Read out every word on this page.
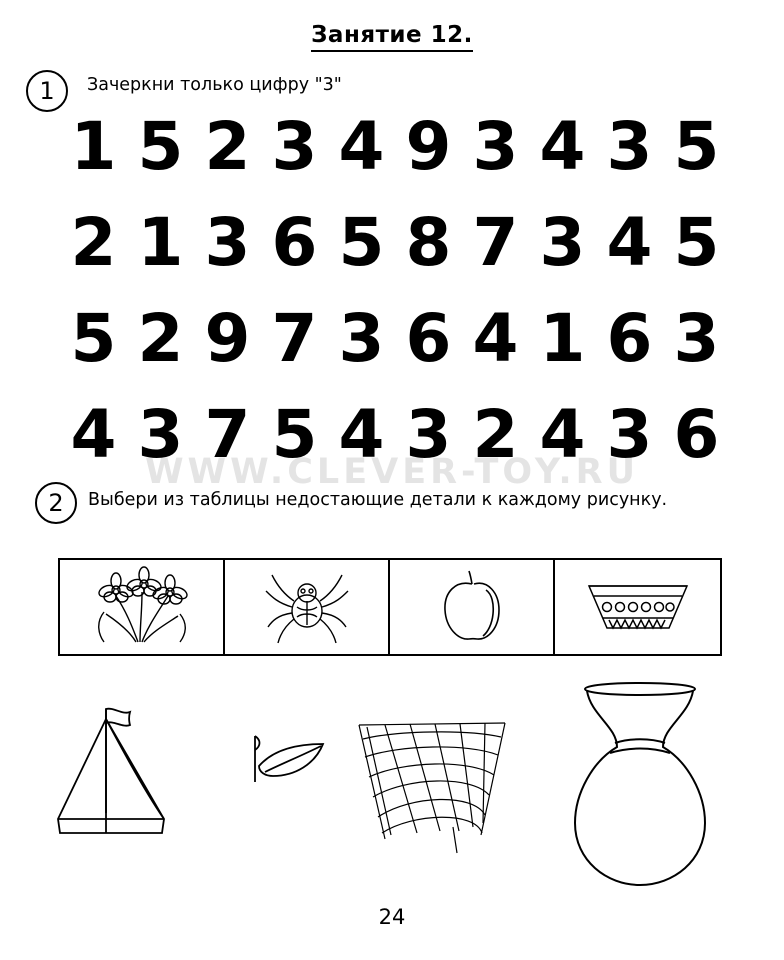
Занятие 12.
1	Зачеркни только цифру "3"
1 5 2 3 4 9 3 4 3 5
2 1 3 6 5 8 7 3 4 5
5 2 9 7 3 6 4 1 6 3
4 3 7 5 4 3 2 4 3 6
WWW.CLEVER-TOY.RU
2	Выбери из таблицы недостающие детали к каждому рисунку.
24
